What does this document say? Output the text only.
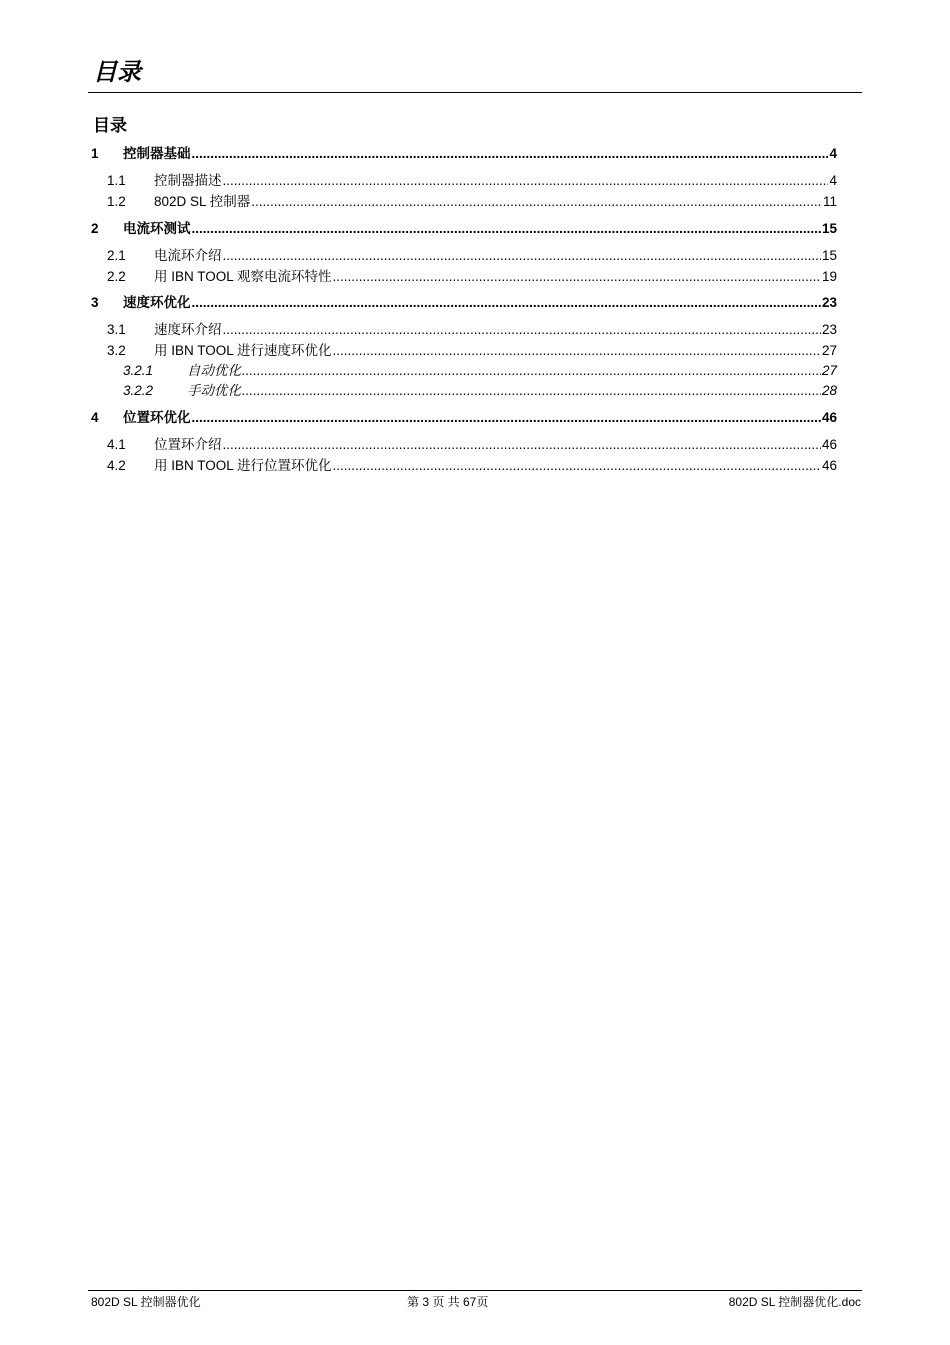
目录
目录
1	控制器基础 .....	4
1.1	控制器描述 .....	4
1.2	802D SL 控制器 .....	11
2	电流环测试 .....	15
2.1	电流环介绍 .....	15
2.2	用 IBN TOOL 观察电流环特性 .....	19
3	速度环优化 .....	23
3.1	速度环介绍 .....	23
3.2	用 IBN TOOL 进行速度环优化 .....	27
3.2.1	自动优化 .....	27
3.2.2	手动优化 .....	28
4	位置环优化 .....	46
4.1	位置环介绍 .....	46
4.2	用 IBN TOOL 进行位置环优化 .....	46
802D SL 控制器优化	第 3 页 共 67页	802D SL 控制器优化.doc
